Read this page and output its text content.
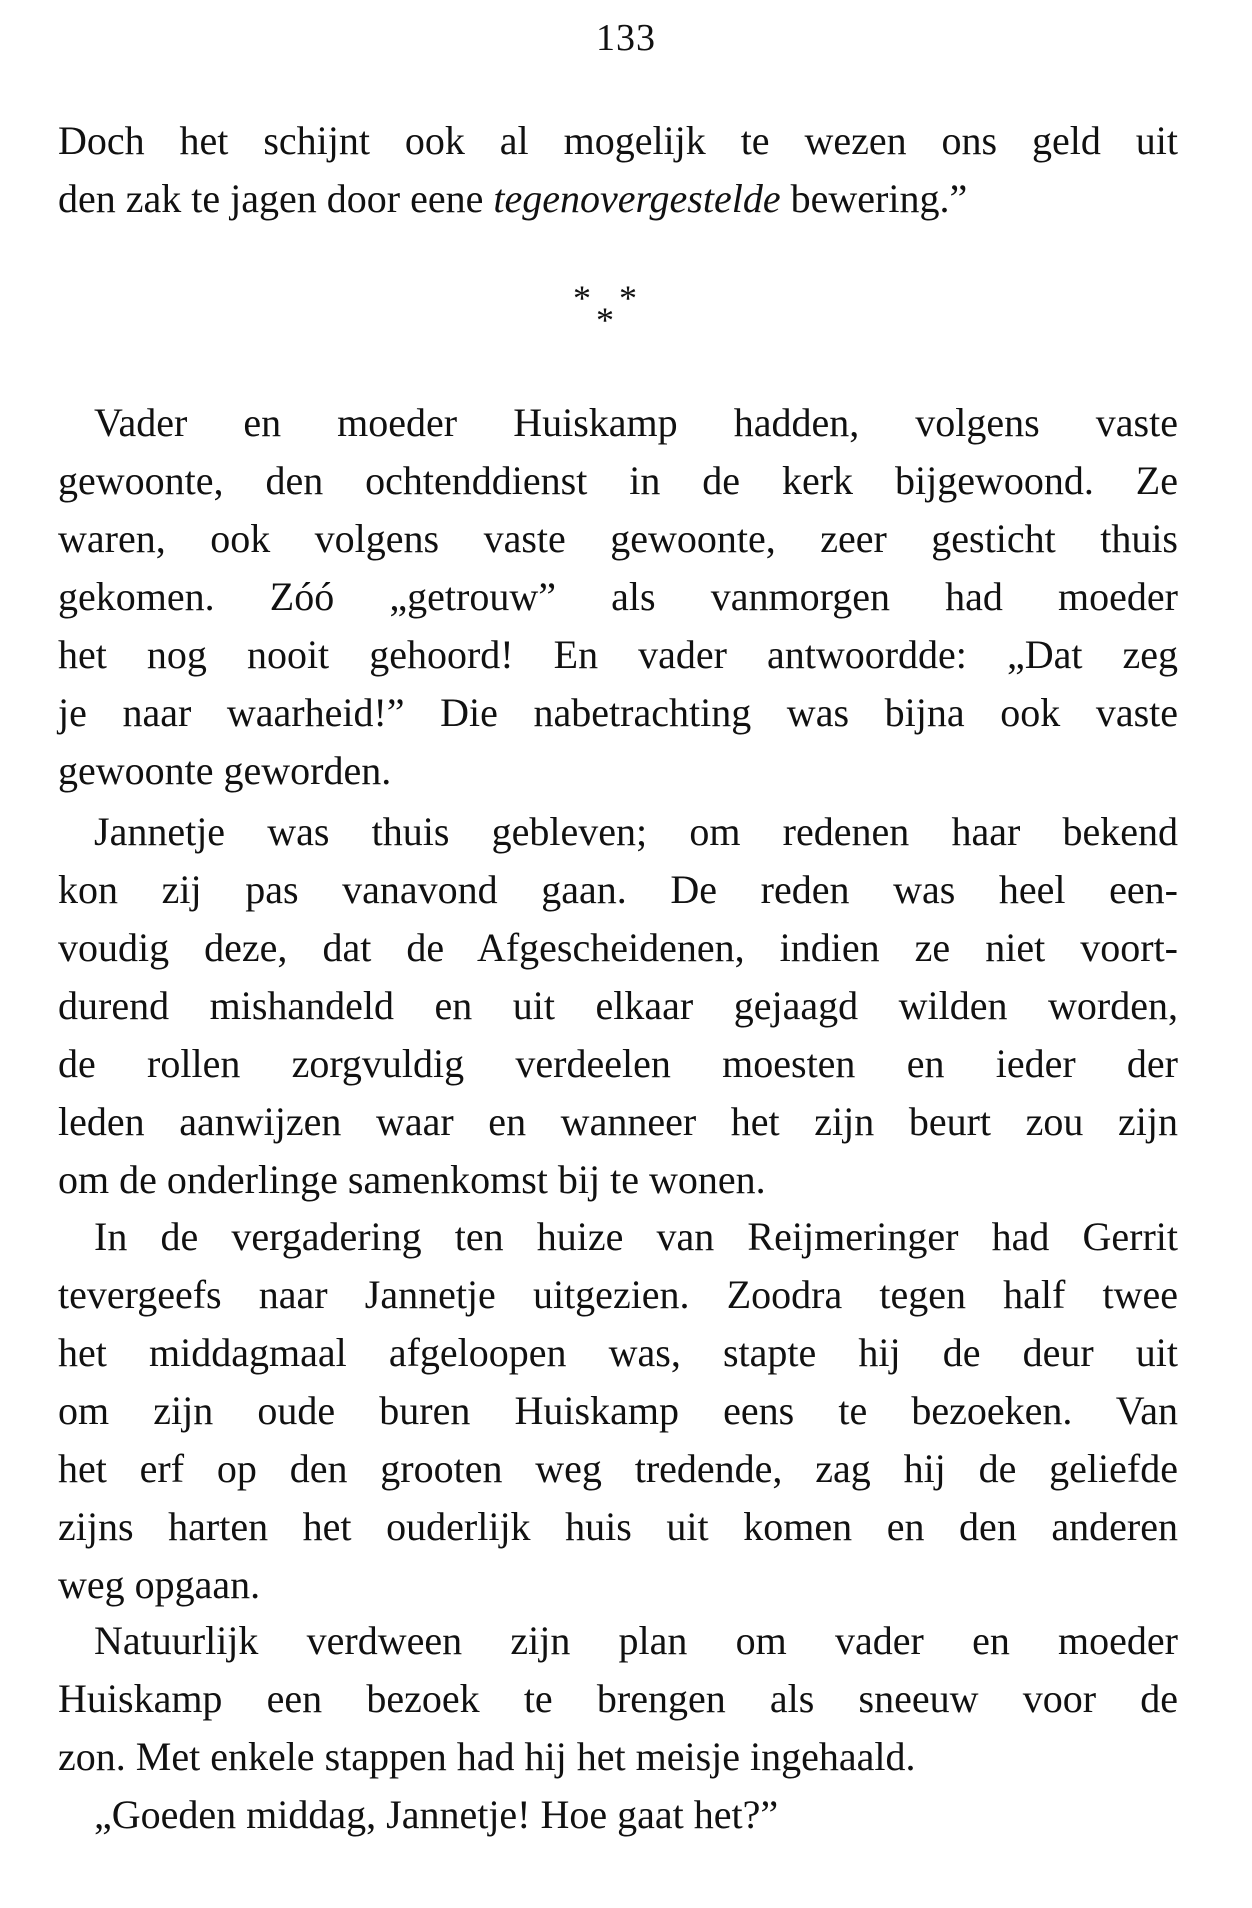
133
Doch het schijnt ook al mogelijk te wezen ons geld uit
den zak te jagen door eene tegenovergestelde bewering.”
* *
*
Vader en moeder Huiskamp hadden, volgens vaste
gewoonte, den ochtenddienst in de kerk bijgewoond. Ze
waren, ook volgens vaste gewoonte, zeer gesticht thuis
gekomen. Zóó „getrouw” als vanmorgen had moeder
het nog nooit gehoord! En vader antwoordde: „Dat zeg
je naar waarheid!” Die nabetrachting was bijna ook vaste
gewoonte geworden.
Jannetje was thuis gebleven; om redenen haar bekend
kon zij pas vanavond gaan. De reden was heel een-
voudig deze, dat de Afgescheidenen, indien ze niet voort-
durend mishandeld en uit elkaar gejaagd wilden worden,
de rollen zorgvuldig verdeelen moesten en ieder der
leden aanwijzen waar en wanneer het zijn beurt zou zijn
om de onderlinge samenkomst bij te wonen.
In de vergadering ten huize van Reijmeringer had Gerrit
tevergeefs naar Jannetje uitgezien. Zoodra tegen half twee
het middagmaal afgeloopen was, stapte hij de deur uit
om zijn oude buren Huiskamp eens te bezoeken. Van
het erf op den grooten weg tredende, zag hij de geliefde
zijns harten het ouderlijk huis uit komen en den anderen
weg opgaan.
Natuurlijk verdween zijn plan om vader en moeder
Huiskamp een bezoek te brengen als sneeuw voor de
zon. Met enkele stappen had hij het meisje ingehaald.
„Goeden middag, Jannetje! Hoe gaat het?”
